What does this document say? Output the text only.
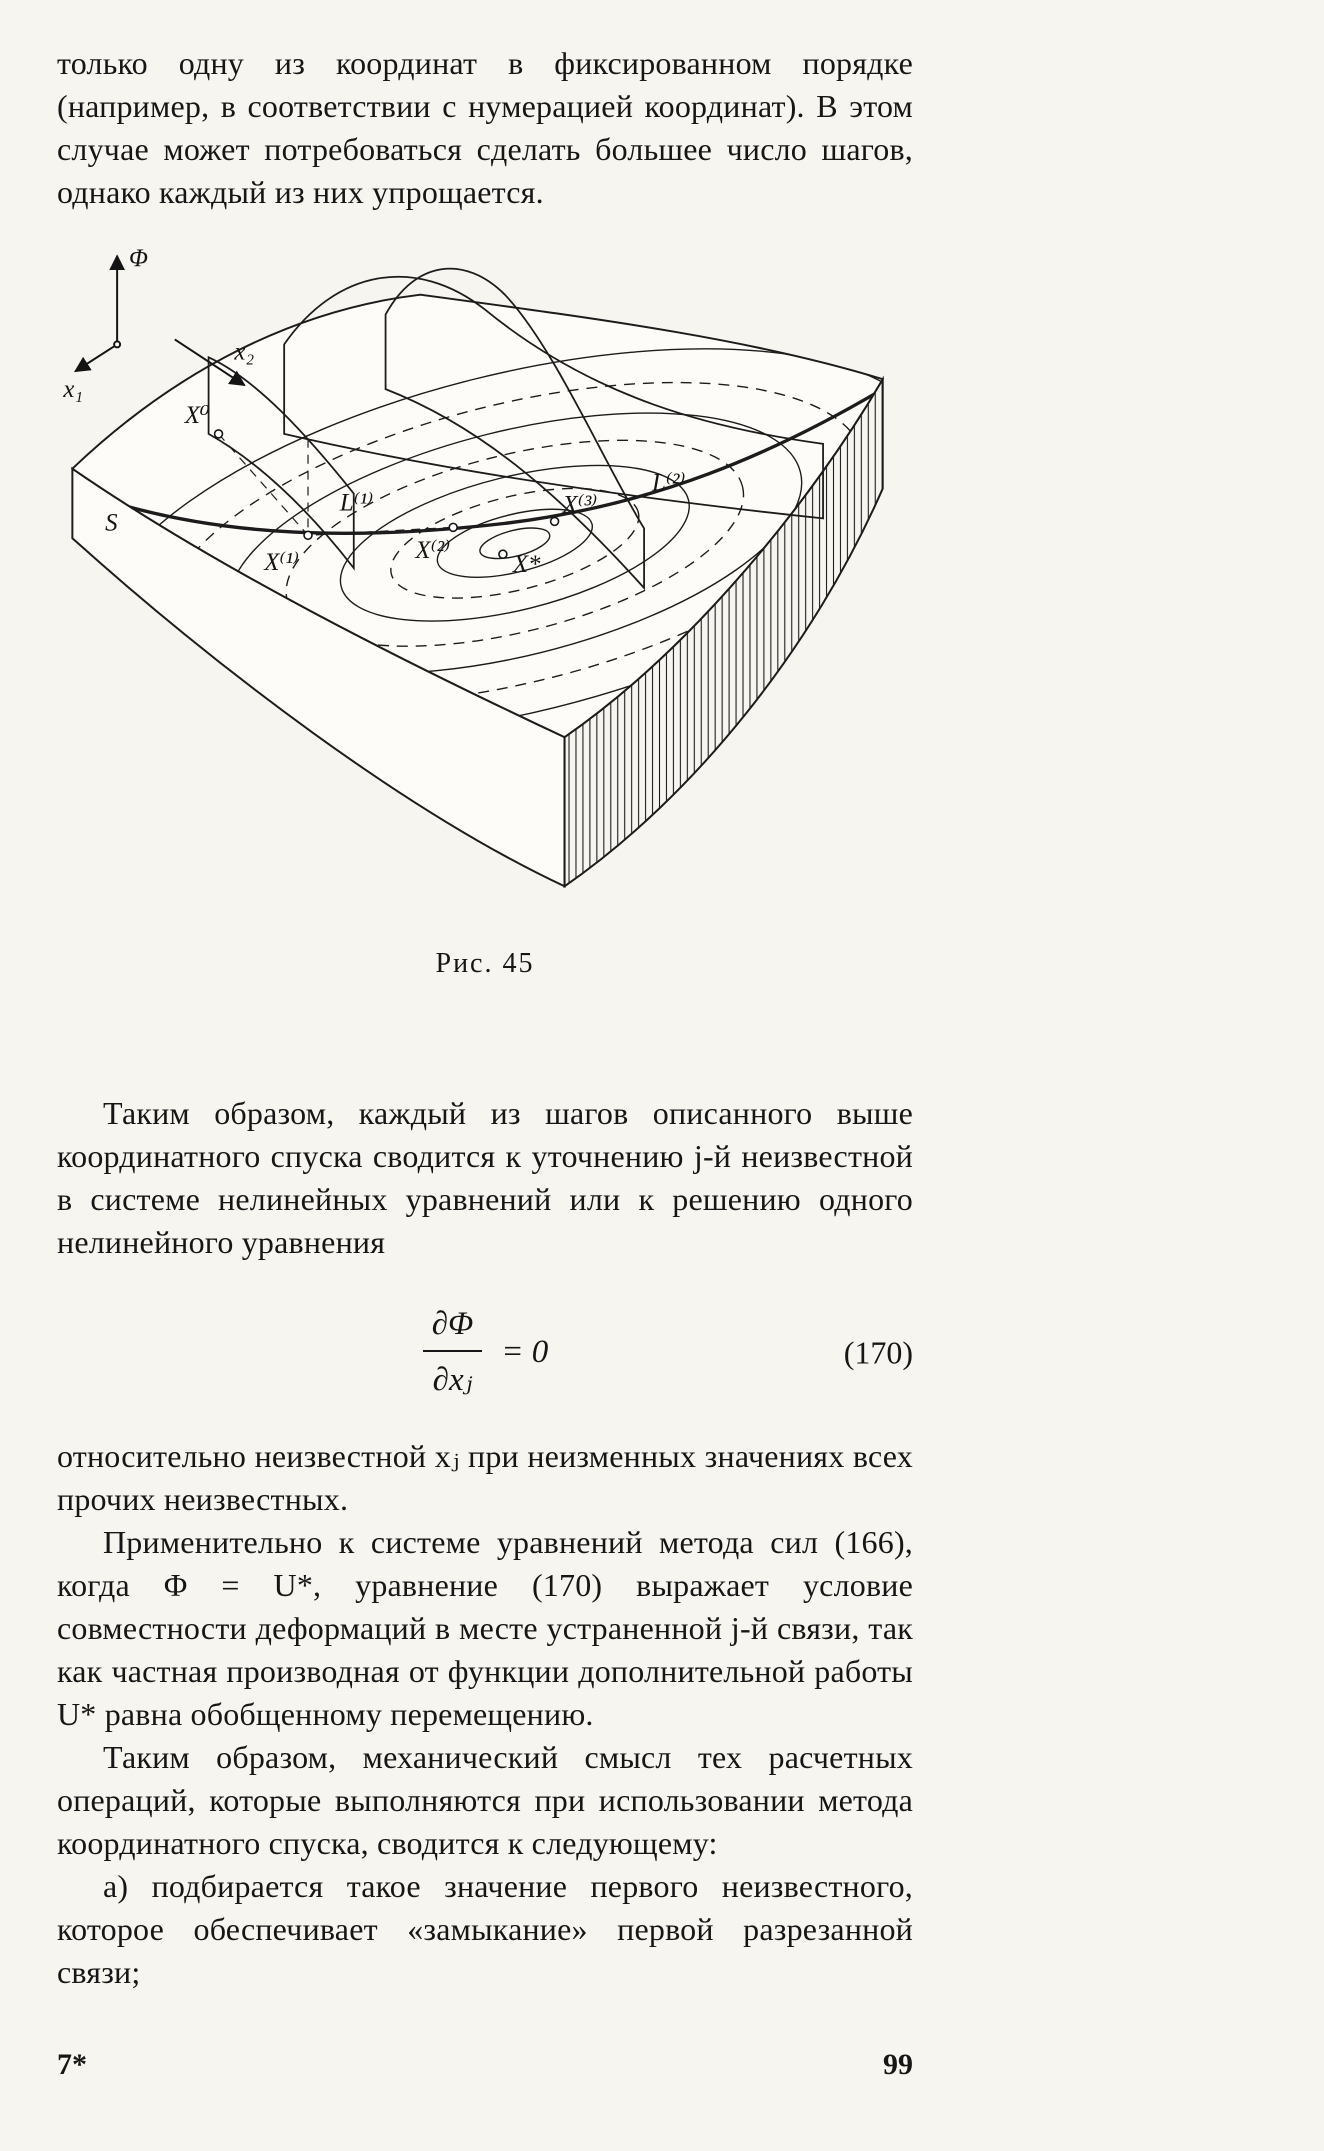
только одну из координат в фиксированном порядке (например, в соответствии с нумерацией координат). В этом случае может потребоваться сделать большее число шагов, однако каждый из них упрощается.

Φ
x₁
x₂
S
X⁰
X⁽¹⁾
L⁽¹⁾
X⁽²⁾
X⁽³⁾
X*
L⁽²⁾
Рис. 45

Таким образом, каждый из шагов описанного выше координатного спуска сводится к уточнению j-й неизвестной в системе нелинейных уравнений или к решению одного нелинейного уравнения

$\frac{\partial\Phi}{\text{∂xⱼ}} = 0$	(170)

относительно неизвестной xⱼ при неизменных значениях всех прочих неизвестных.

Применительно к системе уравнений метода сил (166), когда Φ = U*, уравнение (170) выражает условие совместности деформаций в месте устраненной j-й связи, так как частная производная от функции дополнительной работы U* равна обобщенному перемещению.

Таким образом, механический смысл тех расчетных операций, которые выполняются при использовании метода координатного спуска, сводится к следующему:

а) подбирается такое значение первого неизвестного, которое обеспечивает «замыкание» первой разрезанной связи;

7*	99
